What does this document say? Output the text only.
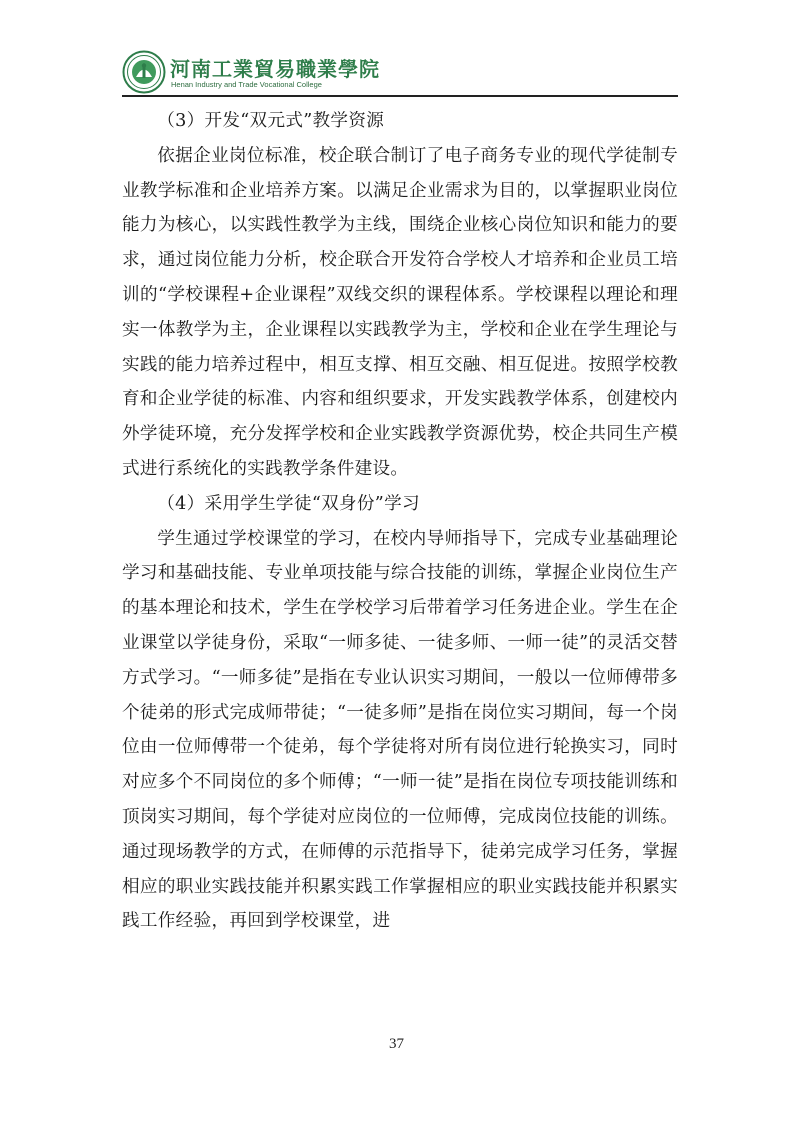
河南工業貿易職業學院
Henan Industry and Trade Vocational College

（3）开发“双元式”教学资源

依据企业岗位标准，校企联合制订了电子商务专业的现代学徒制专业教学标准和企业培养方案。以满足企业需求为目的，以掌握职业岗位能力为核心，以实践性教学为主线，围绕企业核心岗位知识和能力的要求，通过岗位能力分析，校企联合开发符合学校人才培养和企业员工培训的“学校课程+企业课程”双线交织的课程体系。学校课程以理论和理实一体教学为主，企业课程以实践教学为主，学校和企业在学生理论与实践的能力培养过程中，相互支撑、相互交融、相互促进。按照学校教育和企业学徒的标准、内容和组织要求，开发实践教学体系，创建校内外学徒环境，充分发挥学校和企业实践教学资源优势，校企共同生产模式进行系统化的实践教学条件建设。

（4）采用学生学徒“双身份”学习

学生通过学校课堂的学习，在校内导师指导下，完成专业基础理论学习和基础技能、专业单项技能与综合技能的训练，掌握企业岗位生产的基本理论和技术，学生在学校学习后带着学习任务进企业。学生在企业课堂以学徒身份，采取“一师多徒、一徒多师、一师一徒”的灵活交替方式学习。“一师多徒”是指在专业认识实习期间，一般以一位师傅带多个徒弟的形式完成师带徒；“一徒多师”是指在岗位实习期间，每一个岗位由一位师傅带一个徒弟，每个学徒将对所有岗位进行轮换实习，同时对应多个不同岗位的多个师傅；“一师一徒”是指在岗位专项技能训练和顶岗实习期间，每个学徒对应岗位的一位师傅，完成岗位技能的训练。通过现场教学的方式，在师傅的示范指导下，徒弟完成学习任务，掌握相应的职业实践技能并积累实践工作掌握相应的职业实践技能并积累实践工作经验，再回到学校课堂，进

37
